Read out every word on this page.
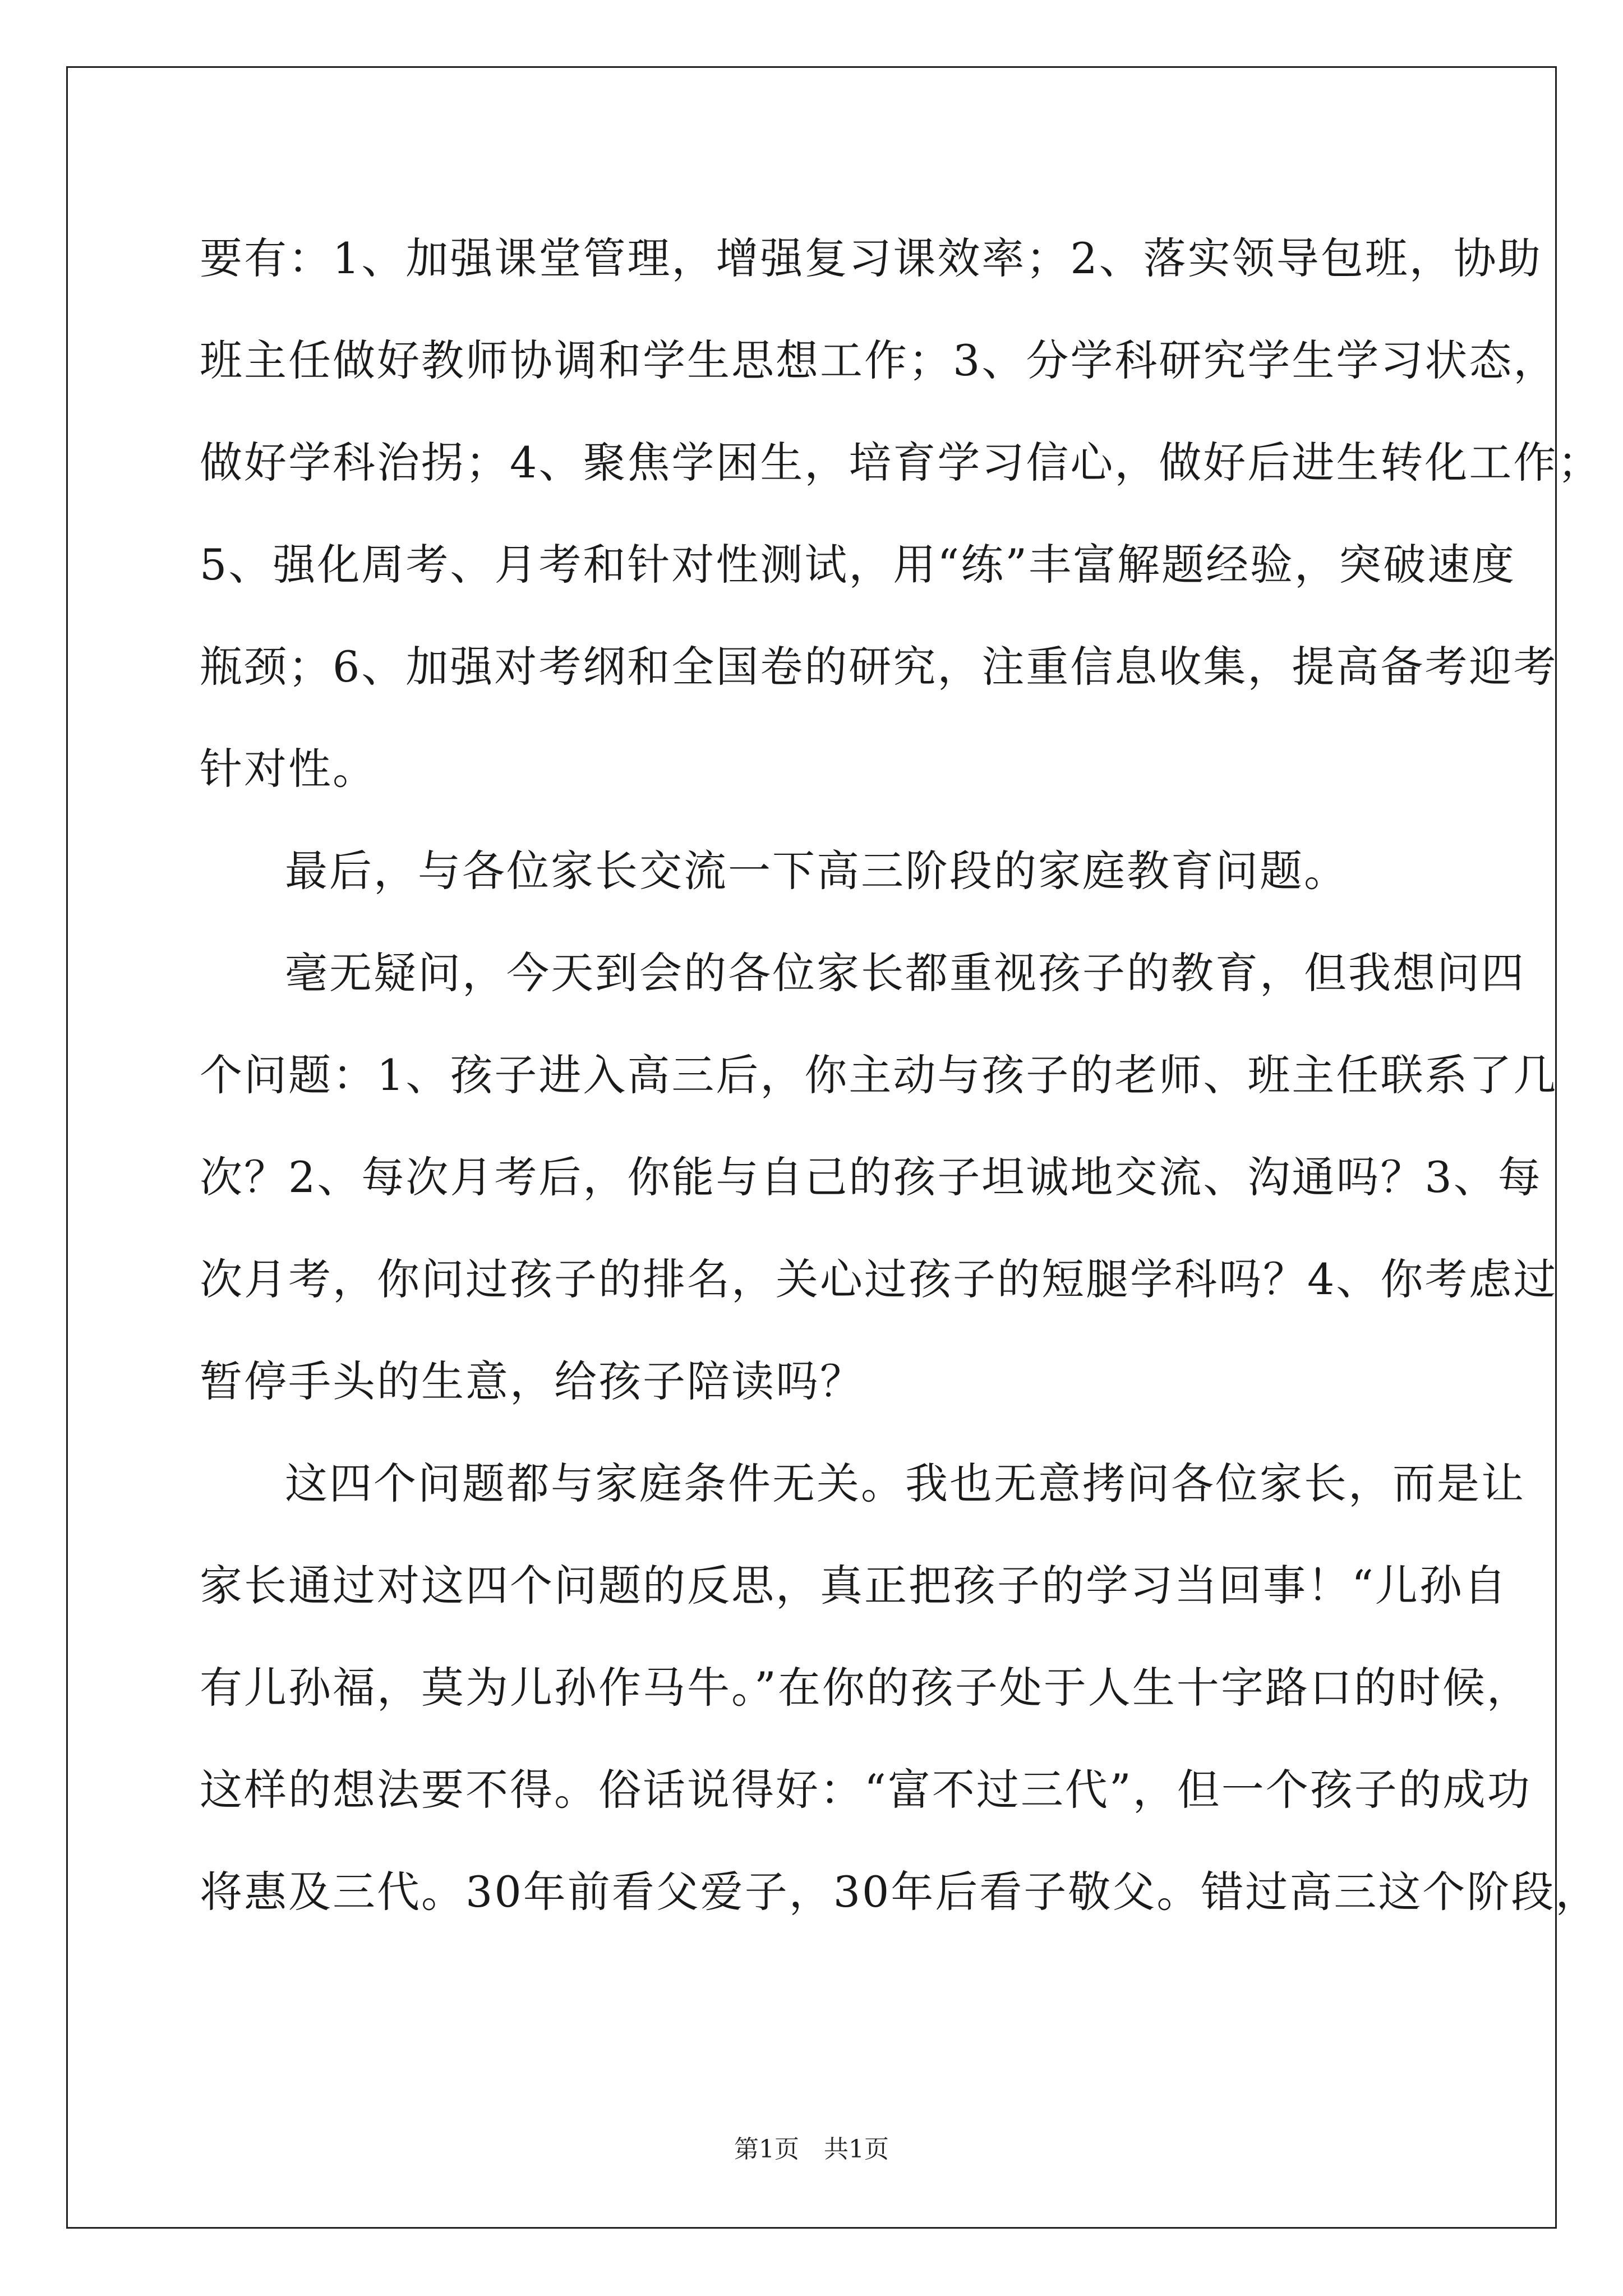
要有：1、加强课堂管理，增强复习课效率；2、落实领导包班，协助
班主任做好教师协调和学生思想工作；3、分学科研究学生学习状态，
做好学科治拐；4、聚焦学困生，培育学习信心，做好后进生转化工作；
5、强化周考、月考和针对性测试，用“练”丰富解题经验，突破速度
瓶颈；6、加强对考纲和全国卷的研究，注重信息收集，提高备考迎考
针对性。
最后，与各位家长交流一下高三阶段的家庭教育问题。
毫无疑问，今天到会的各位家长都重视孩子的教育，但我想问四
个问题：1、孩子进入高三后，你主动与孩子的老师、班主任联系了几
次？2、每次月考后，你能与自己的孩子坦诚地交流、沟通吗？3、每
次月考，你问过孩子的排名，关心过孩子的短腿学科吗？4、你考虑过
暂停手头的生意，给孩子陪读吗？
这四个问题都与家庭条件无关。我也无意拷问各位家长，而是让
家长通过对这四个问题的反思，真正把孩子的学习当回事！“儿孙自
有儿孙福，莫为儿孙作马牛。”在你的孩子处于人生十字路口的时候，
这样的想法要不得。俗话说得好：“富不过三代”，但一个孩子的成功
将惠及三代。30年前看父爱子，30年后看子敬父。错过高三这个阶段，
第1页　共1页
